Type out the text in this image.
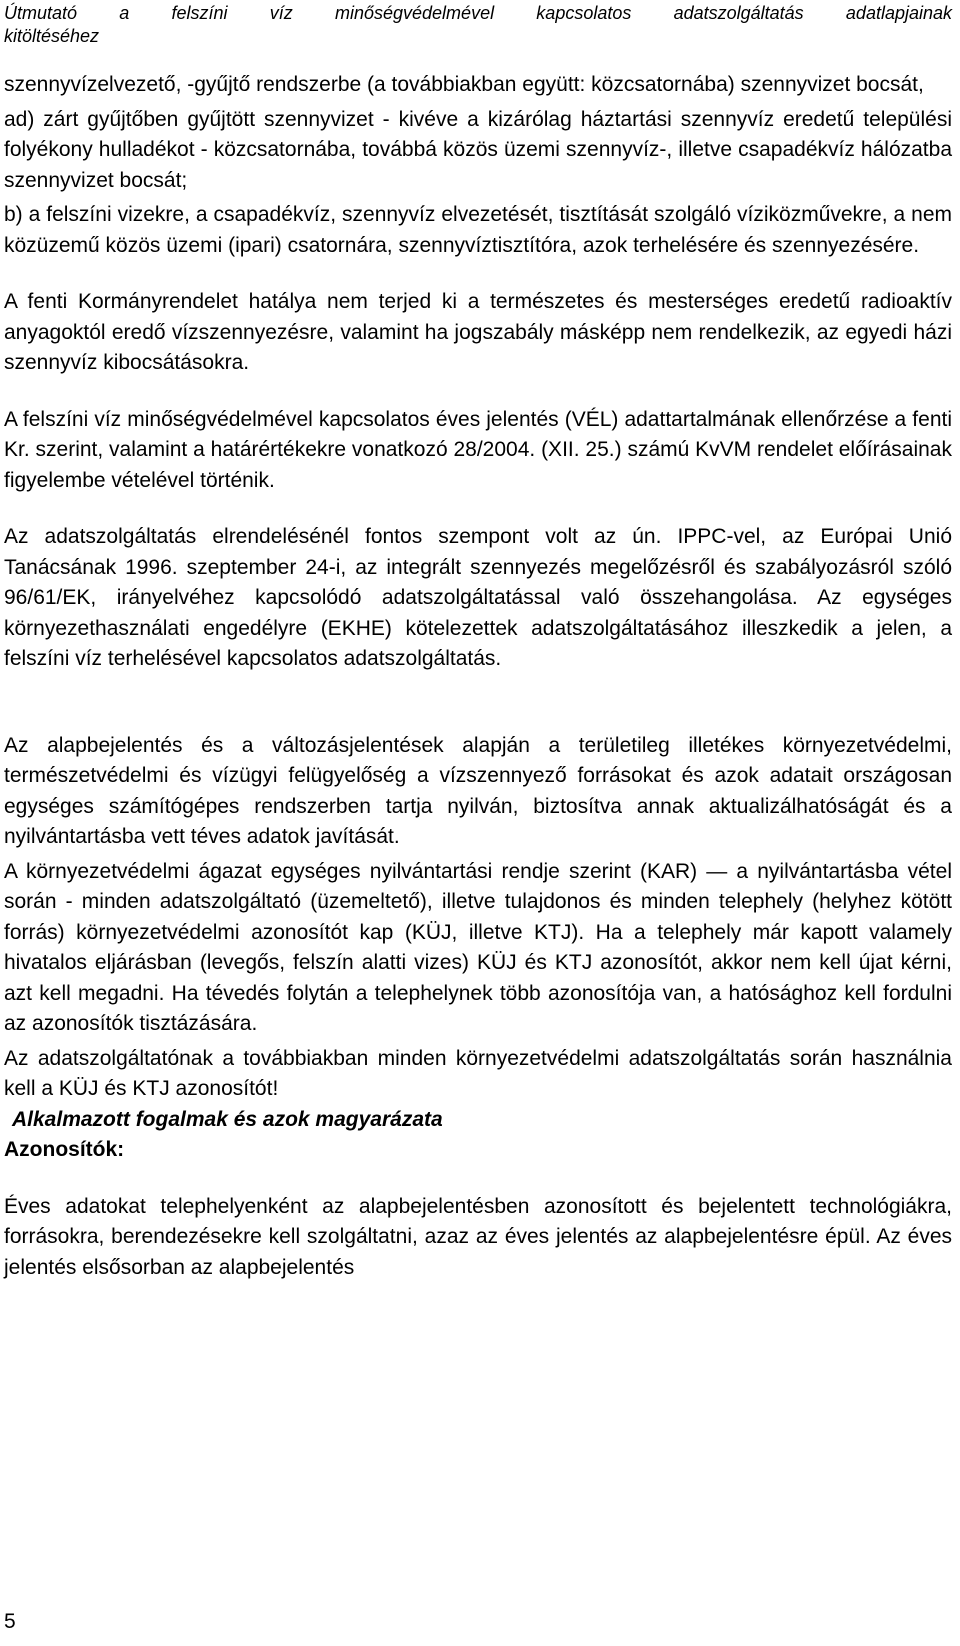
Útmutató a felszíni víz minőségvédelmével kapcsolatos adatszolgáltatás adatlapjainak
kitöltéséhez

szennyvízelvezető, -gyűjtő rendszerbe (a továbbiakban együtt: közcsatornába) szennyvizet bocsát,

ad) zárt gyűjtőben gyűjtött szennyvizet - kivéve a kizárólag háztartási szennyvíz eredetű települési folyékony hulladékot - közcsatornába, továbbá közös üzemi szennyvíz-, illetve csapadékvíz hálózatba szennyvizet bocsát;

b) a felszíni vizekre, a csapadékvíz, szennyvíz elvezetését, tisztítását szolgáló víziközművekre, a nem közüzemű közös üzemi (ipari) csatornára, szennyvíztisztítóra, azok terhelésére és szennyezésére.

A fenti Kormányrendelet hatálya nem terjed ki a természetes és mesterséges eredetű radioaktív anyagoktól eredő vízszennyezésre, valamint ha jogszabály másképp nem rendelkezik, az egyedi házi szennyvíz kibocsátásokra.

A felszíni víz minőségvédelmével kapcsolatos éves jelentés (VÉL) adattartalmának ellenőrzése a fenti Kr. szerint, valamint a határértékekre vonatkozó 28/2004. (XII. 25.) számú KvVM rendelet előírásainak figyelembe vételével történik.

Az adatszolgáltatás elrendelésénél fontos szempont volt az ún. IPPC-vel, az Európai Unió Tanácsának 1996. szeptember 24-i, az integrált szennyezés megelőzésről és szabályozásról szóló 96/61/EK, irányelvéhez kapcsolódó adatszolgáltatással való összehangolása. Az egységes környezethasználati engedélyre (EKHE) kötelezettek adatszolgáltatásához illeszkedik a jelen, a felszíni víz terhelésével kapcsolatos adatszolgáltatás.

Az alapbejelentés és a változásjelentések alapján a területileg illetékes környezetvédelmi, természetvédelmi és vízügyi felügyelőség a vízszennyező forrásokat és azok adatait országosan egységes számítógépes rendszerben tartja nyilván, biztosítva annak aktualizálhatóságát és a nyilvántartásba vett téves adatok javítását.

A környezetvédelmi ágazat egységes nyilvántartási rendje szerint (KAR) — a nyilvántartásba vétel során - minden adatszolgáltató (üzemeltető), illetve tulajdonos és minden telephely (helyhez kötött forrás) környezetvédelmi azonosítót kap (KÜJ, illetve KTJ). Ha a telephely már kapott valamely hivatalos eljárásban (levegős, felszín alatti vizes) KÜJ és KTJ azonosítót, akkor nem kell újat kérni, azt kell megadni. Ha tévedés folytán a telephelynek több azonosítója van, a hatósághoz kell fordulni az azonosítók tisztázására.

Az adatszolgáltatónak a továbbiakban minden környezetvédelmi adatszolgáltatás során használnia kell a KÜJ és KTJ azonosítót!

Alkalmazott fogalmak és azok magyarázata

Azonosítók:

Éves adatokat telephelyenként az alapbejelentésben azonosított és bejelentett technológiákra, forrásokra, berendezésekre kell szolgáltatni, azaz az éves jelentés az alapbejelentésre épül. Az éves jelentés elsősorban az alapbejelentés

5
